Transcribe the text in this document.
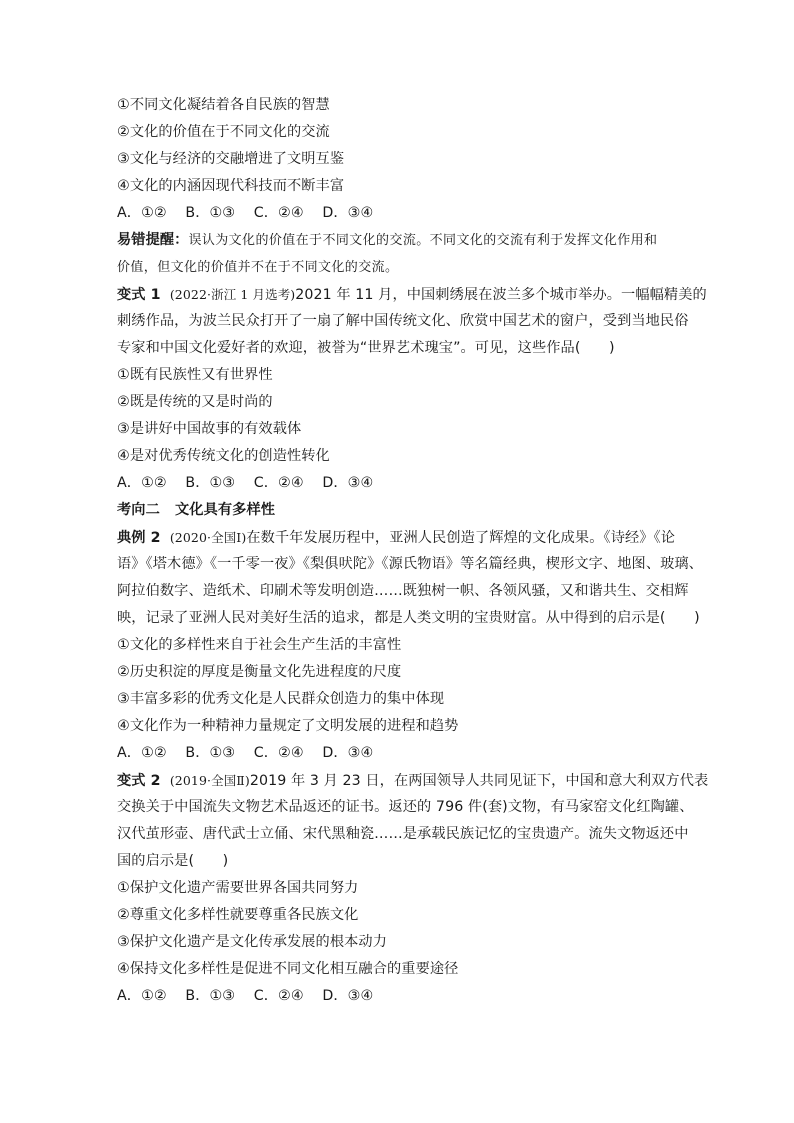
①不同文化凝结着各自民族的智慧
②文化的价值在于不同文化的交流
③文化与经济的交融增进了文明互鉴
④文化的内涵因现代科技而不断丰富
A．①② B．①③ C．②④ D．③④
易错提醒：误认为文化的价值在于不同文化的交流。不同文化的交流有利于发挥文化作用和
价值，但文化的价值并不在于不同文化的交流。
变式 1 (2022·浙江 1 月选考)2021 年 11 月，中国刺绣展在波兰多个城市举办。一幅幅精美的
刺绣作品，为波兰民众打开了一扇了解中国传统文化、欣赏中国艺术的窗户，受到当地民俗
专家和中国文化爱好者的欢迎，被誉为“世界艺术瑰宝”。可见，这些作品(　　)
①既有民族性又有世界性
②既是传统的又是时尚的
③是讲好中国故事的有效载体
④是对优秀传统文化的创造性转化
A．①② B．①③ C．②④ D．③④
考向二 文化具有多样性
典例 2 (2020·全国Ⅰ)在数千年发展历程中，亚洲人民创造了辉煌的文化成果。《诗经》《论
语》《塔木德》《一千零一夜》《梨俱吠陀》《源氏物语》等名篇经典，楔形文字、地图、玻璃、
阿拉伯数字、造纸术、印刷术等发明创造……既独树一帜、各领风骚，又和谐共生、交相辉
映，记录了亚洲人民对美好生活的追求，都是人类文明的宝贵财富。从中得到的启示是(　　)
①文化的多样性来自于社会生产生活的丰富性
②历史积淀的厚度是衡量文化先进程度的尺度
③丰富多彩的优秀文化是人民群众创造力的集中体现
④文化作为一种精神力量规定了文明发展的进程和趋势
A．①② B．①③ C．②④ D．③④
变式 2 (2019·全国Ⅱ)2019 年 3 月 23 日，在两国领导人共同见证下，中国和意大利双方代表
交换关于中国流失文物艺术品返还的证书。返还的 796 件(套)文物，有马家窑文化红陶罐、
汉代茧形壶、唐代武士立俑、宋代黑釉瓷……是承载民族记忆的宝贵遗产。流失文物返还中
国的启示是(　　)
①保护文化遗产需要世界各国共同努力
②尊重文化多样性就要尊重各民族文化
③保护文化遗产是文化传承发展的根本动力
④保持文化多样性是促进不同文化相互融合的重要途径
A．①② B．①③ C．②④ D．③④
